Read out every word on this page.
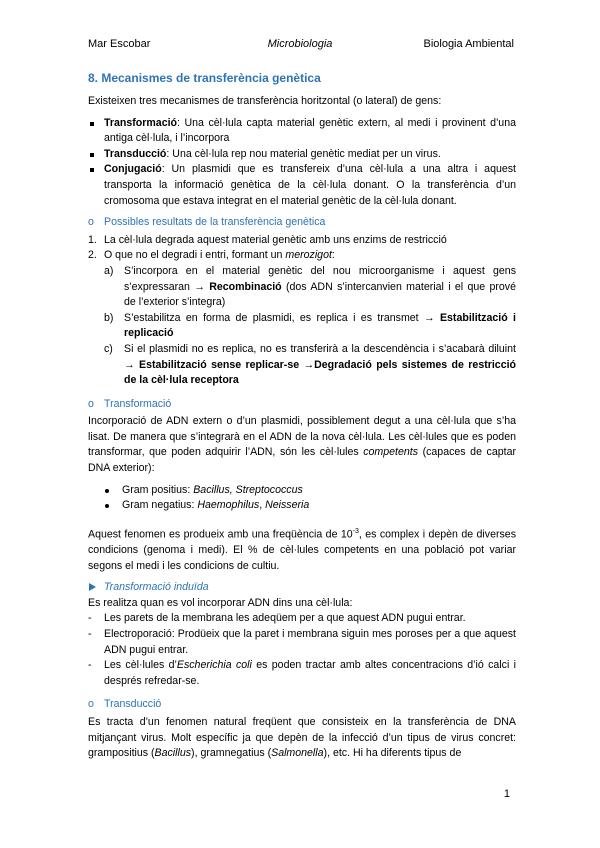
Microbiologia
Mar Escobar	Biologia Ambiental
8. Mecanismes de transferència genètica

Existeixen tres mecanismes de transferència horitzontal (o lateral) de gens:

Transformació: Una cèl·lula capta material genètic extern, al medi i provinent d’una antiga cèl·lula, i l’incorpora
Transducció: Una cèl·lula rep nou material genètic mediat per un virus.
Conjugació: Un plasmidi que es transfereix d’una cèl·lula a una altra i aquest transporta la informació genètica de la cèl·lula donant. O la transferència d’un cromosoma que estava integrat en el material genètic de la cèl·lula donant.
o Possibles resultats de la transferència genètica
1. La cèl·lula degrada aquest material genètic amb uns enzims de restricció
2. O que no el degradi i entri, formant un merozigot:
a) S’incorpora en el material genètic del nou microorganisme i aquest gens s’expressaran → Recombinació (dos ADN s’intercanvien material i el que prové de l’exterior s’integra)
b) S’estabilitza en forma de plasmidi, es replica i es transmet → Estabilització i replicació
c) Si el plasmidi no es replica, no es transferirà a la descendència i s’acabarà diluint → Estabilització sense replicar-se →Degradació pels sistemes de restricció de la cèl·lula receptora
o Transformació

Incorporació de ADN extern o d’un plasmidi, possiblement degut a una cèl·lula que s’ha lisat. De manera que s’integrarà en el ADN de la nova cèl·lula. Les cèl·lules que es poden transformar, que poden adquirir l’ADN, són les cèl·lules competents (capaces de captar DNA exterior):

Gram positius: Bacillus, Streptococcus
Gram negatius: Haemophilus, Neisseria

Aquest fenomen es produeix amb una freqüència de $10^{-3}$, es complex i depèn de diverses condicions (genoma i medi). El % de cèl·lules competents en una població pot variar segons el medi i les condicions de cultiu.

Transformació induïda

Es realitza quan es vol incorporar ADN dins una cèl·lula:

- Les parets de la membrana les adeqüem per a que aquest ADN pugui entrar.
- Electroporació: Prodüeix que la paret i membrana siguin mes poroses per a que aquest ADN pugui entrar.
- Les cèl·lules d’Escherichia coli es poden tractar amb altes concentracions d’ió calci i després refredar-se.
o Transducció

Es tracta d’un fenomen natural freqüent que consisteix en la transferència de DNA mitjançant virus. Molt específic ja que depèn de la infecció d’un tipus de virus concret: grampositius (Bacillus), gramnegatius (Salmonella), etc. Hi ha diferents tipus de

1
